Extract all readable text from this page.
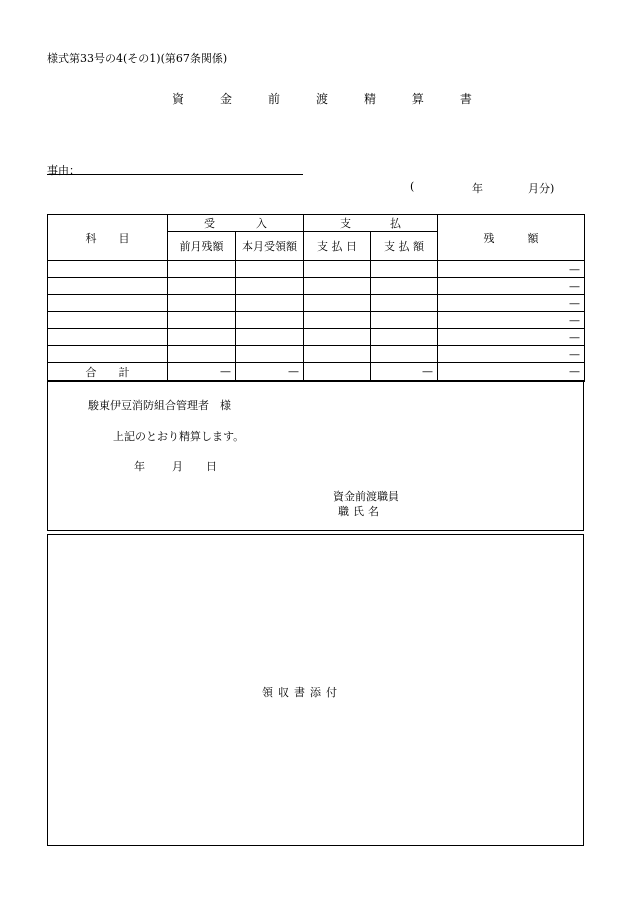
様式第33号の4(その1)(第67条関係)
資	金	前	渡	精	算	書
事由：
(	年	月分)
科　　目	受 入		支 払		残　　　額
	前月残額	本月受領額	支 払 日	支 払 額	
					—
					—
					—
					—
					—
					—
合　　計	—	—		—	—
駿東伊豆消防組合管理者　様
上記のとおり精算します。
年 月 日
資金前渡職員
職氏名
領収書添付
